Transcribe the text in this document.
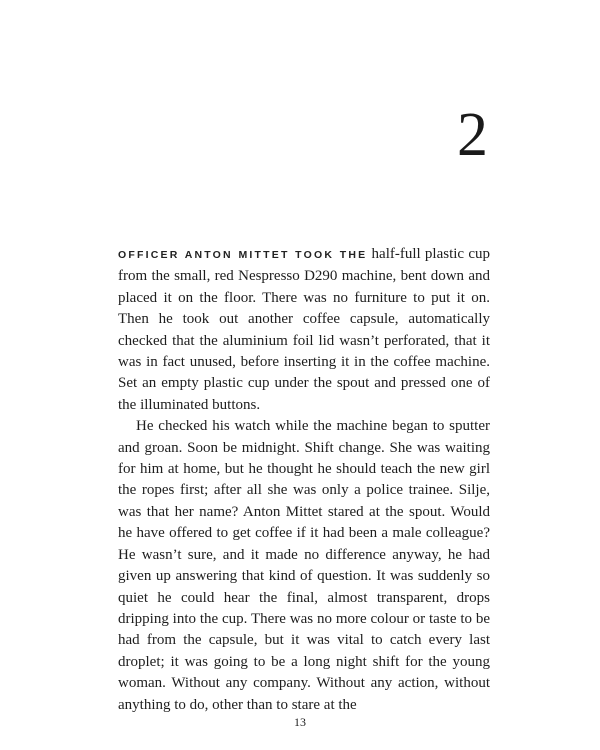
2

OFFICER ANTON MITTET TOOK THE half-full plastic cup from the small, red Nespresso D290 machine, bent down and placed it on the floor. There was no furniture to put it on. Then he took out another coffee capsule, automatically checked that the aluminium foil lid wasn’t perforated, that it was in fact unused, before inserting it in the coffee machine. Set an empty plastic cup under the spout and pressed one of the illuminated buttons.

He checked his watch while the machine began to sputter and groan. Soon be midnight. Shift change. She was waiting for him at home, but he thought he should teach the new girl the ropes first; after all she was only a police trainee. Silje, was that her name? Anton Mittet stared at the spout. Would he have offered to get coffee if it had been a male colleague? He wasn’t sure, and it made no difference anyway, he had given up answering that kind of question. It was suddenly so quiet he could hear the final, almost transparent, drops dripping into the cup. There was no more colour or taste to be had from the capsule, but it was vital to catch every last droplet; it was going to be a long night shift for the young woman. Without any company. Without any action, without anything to do, other than to stare at the

13
